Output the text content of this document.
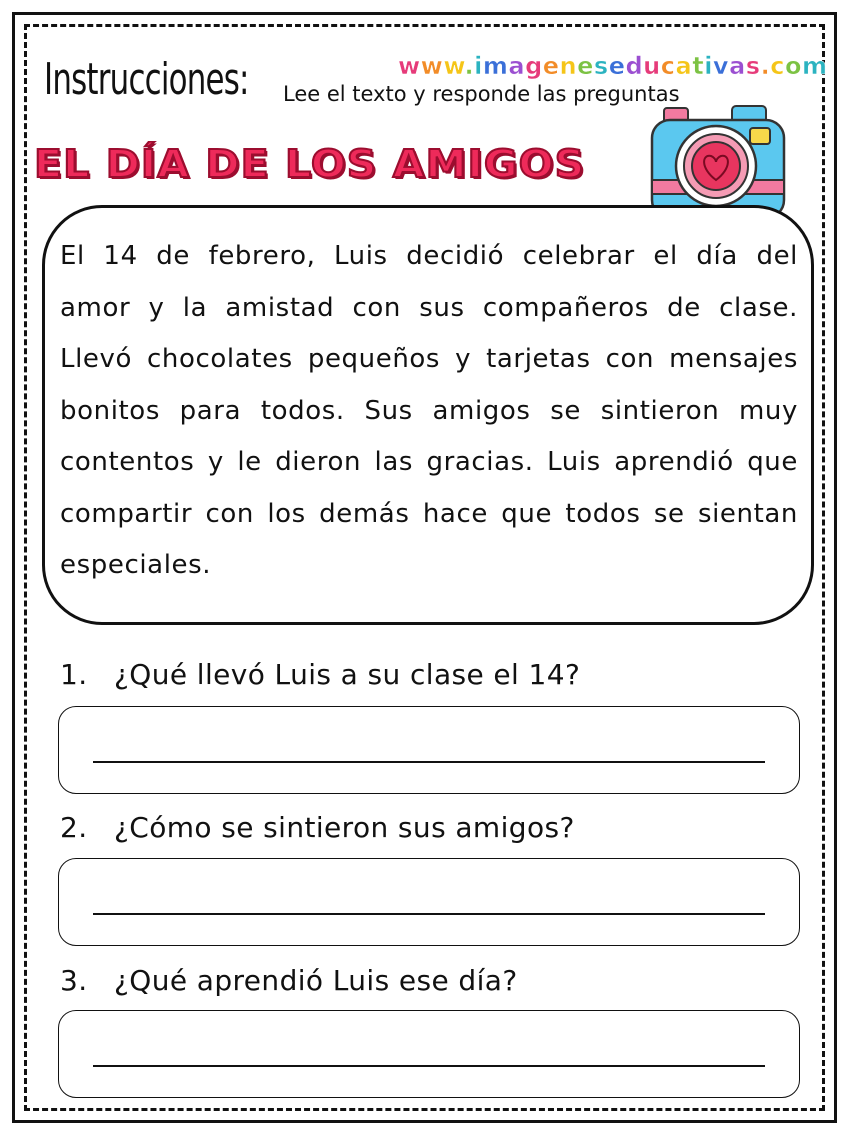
Instrucciones: Lee el texto y responde las preguntas
www.imageneseducativas.com
EL DÍA DE LOS AMIGOS
El 14 de febrero, Luis decidió celebrar el día del amor y la amistad con sus compañeros de clase. Llevó chocolates pequeños y tarjetas con mensajes bonitos para todos. Sus amigos se sintieron muy contentos y le dieron las gracias. Luis aprendió que compartir con los demás hace que todos se sientan especiales.
1. ¿Qué llevó Luis a su clase el 14?
2. ¿Cómo se sintieron sus amigos?
3. ¿Qué aprendió Luis ese día?
